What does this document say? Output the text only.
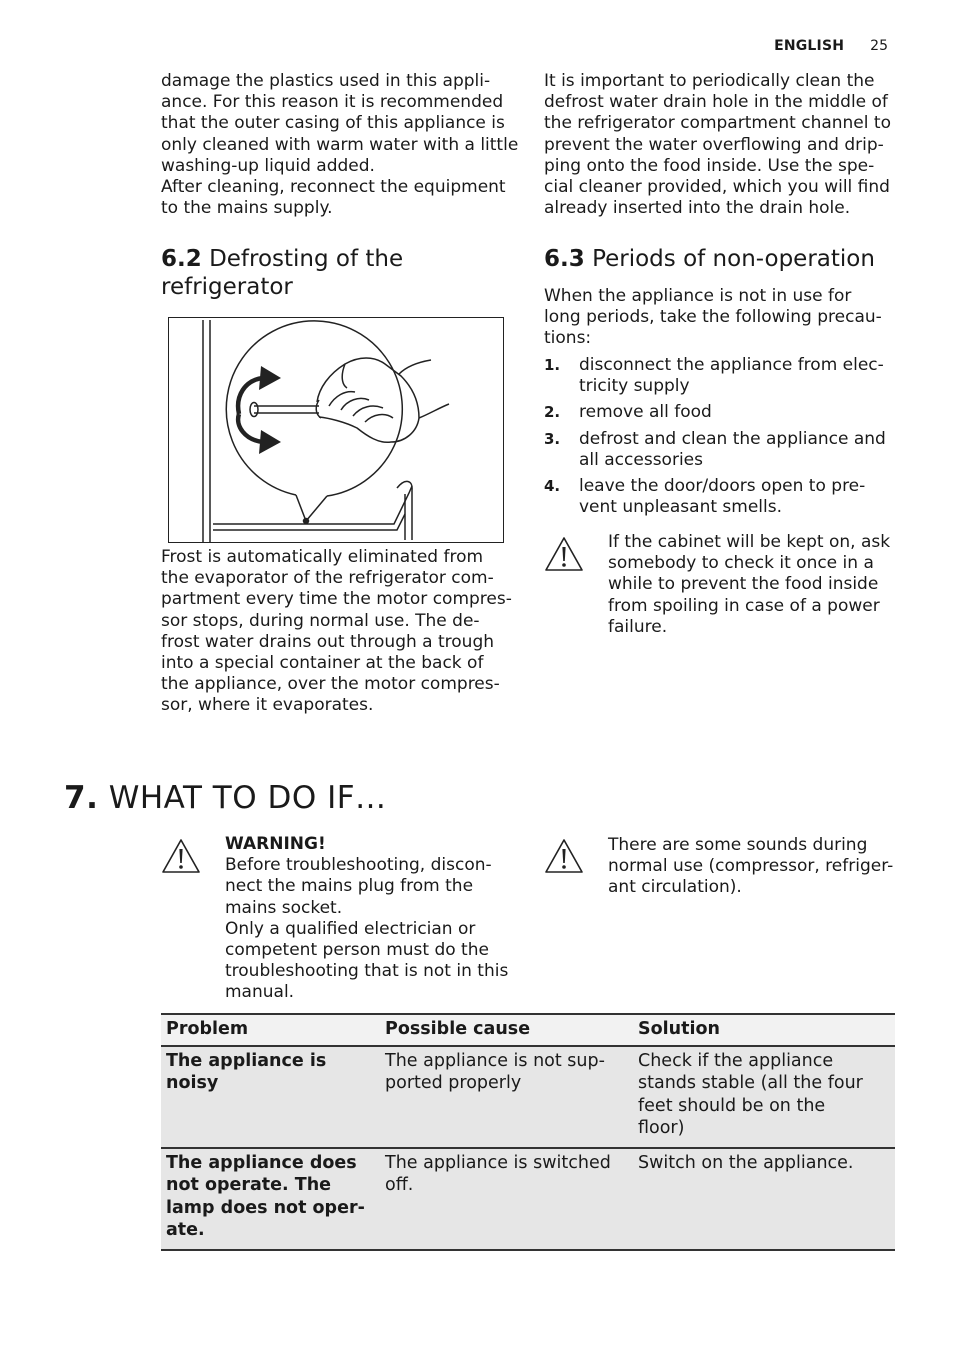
ENGLISH 25

damage the plastics used in this appli-

ance. For this reason it is recommended

that the outer casing of this appliance is

only cleaned with warm water with a little

washing-up liquid added.

After cleaning, reconnect the equipment

to the mains supply.

It is important to periodically clean the

defrost water drain hole in the middle of

the refrigerator compartment channel to

prevent the water overflowing and drip-

ping onto the food inside. Use the spe-

cial cleaner provided, which you will find

already inserted into the drain hole.

6.2 Defrosting of the

refrigerator

6.3 Periods of non-operation

Frost is automatically eliminated from

the evaporator of the refrigerator com-

partment every time the motor compres-

sor stops, during normal use. The de-

frost water drains out through a trough

into a special container at the back of

the appliance, over the motor compres-

sor, where it evaporates.

When the appliance is not in use for

long periods, take the following precau-

tions:

1. disconnect the appliance from elec-
tricity supply
2. remove all food
3. defrost and clean the appliance and
all accessories
4. leave the door/doors open to pre-
vent unpleasant smells.

If the cabinet will be kept on, ask

somebody to check it once in a

while to prevent the food inside

from spoiling in case of a power

failure.

7. WHAT TO DO IF…

WARNING!

Before troubleshooting, discon-

nect the mains plug from the

mains socket.

Only a qualified electrician or

competent person must do the

troubleshooting that is not in this

manual.

There are some sounds during

normal use (compressor, refriger-

ant circulation).

Problem	Possible cause	Solution
The appliance is
noisy	The appliance is not sup-
ported properly	Check if the appliance
stands stable (all the four
feet should be on the
floor)
The appliance does
not operate. The
lamp does not oper-
ate.	The appliance is switched
off.	Switch on the appliance.
